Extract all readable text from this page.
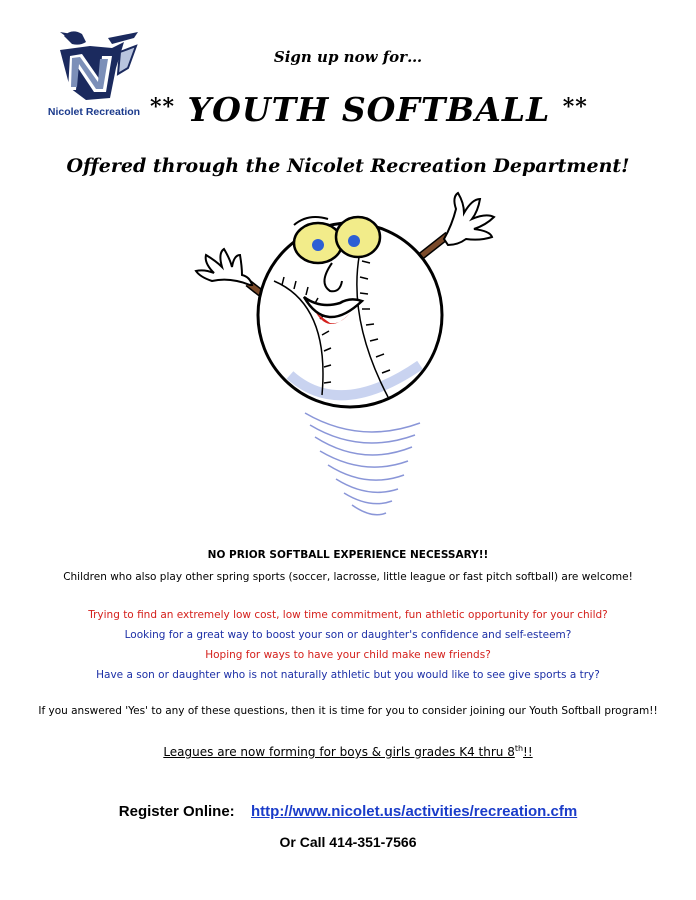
Nicolet Recreation
Sign up now for…
** YOUTH SOFTBALL **
Offered through the Nicolet Recreation Department!
NO PRIOR SOFTBALL EXPERIENCE NECESSARY!!
Children who also play other spring sports (soccer, lacrosse, little league or fast pitch softball) are welcome!
Trying to find an extremely low cost, low time commitment, fun athletic opportunity for your child?
Looking for a great way to boost your son or daughter's confidence and self-esteem?
Hoping for ways to have your child make new friends?
Have a son or daughter who is not naturally athletic but you would like to see give sports a try?
If you answered 'Yes' to any of these questions, then it is time for you to consider joining our Youth Softball program!!
Leagues are now forming for boys & girls grades K4 thru 8th!!
Register Online: http://www.nicolet.us/activities/recreation.cfm
Or Call 414-351-7566
